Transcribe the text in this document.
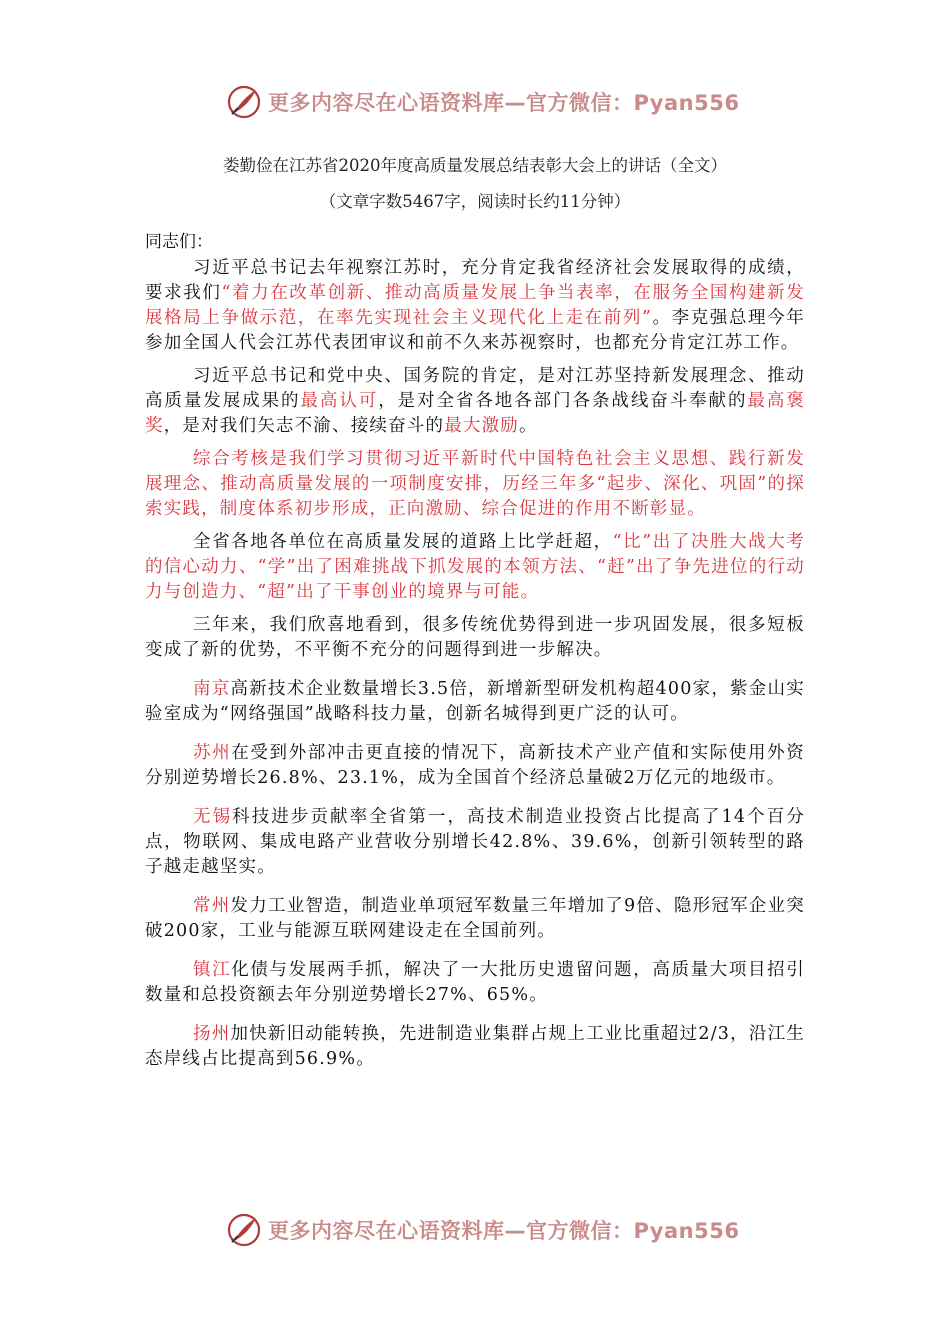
更多内容尽在心语资料库—官方微信：Pyan556
娄勤俭在江苏省2020年度高质量发展总结表彰大会上的讲话（全文）
（文章字数5467字，阅读时长约11分钟）
同志们：

习近平总书记去年视察江苏时，充分肯定我省经济社会发展取得的成绩，要求我们“着力在改革创新、推动高质量发展上争当表率，在服务全国构建新发展格局上争做示范，在率先实现社会主义现代化上走在前列”。李克强总理今年参加全国人代会江苏代表团审议和前不久来苏视察时，也都充分肯定江苏工作。

习近平总书记和党中央、国务院的肯定，是对江苏坚持新发展理念、推动高质量发展成果的最高认可，是对全省各地各部门各条战线奋斗奉献的最高褒奖，是对我们矢志不渝、接续奋斗的最大激励。

综合考核是我们学习贯彻习近平新时代中国特色社会主义思想、践行新发展理念、推动高质量发展的一项制度安排，历经三年多“起步、深化、巩固”的探索实践，制度体系初步形成，正向激励、综合促进的作用不断彰显。

全省各地各单位在高质量发展的道路上比学赶超，“比”出了决胜大战大考的信心动力、“学”出了困难挑战下抓发展的本领方法、“赶”出了争先进位的行动力与创造力、“超”出了干事创业的境界与可能。

三年来，我们欣喜地看到，很多传统优势得到进一步巩固发展，很多短板变成了新的优势，不平衡不充分的问题得到进一步解决。

南京高新技术企业数量增长3.5倍，新增新型研发机构超400家，紫金山实验室成为“网络强国”战略科技力量，创新名城得到更广泛的认可。

苏州在受到外部冲击更直接的情况下，高新技术产业产值和实际使用外资分别逆势增长26.8%、23.1%，成为全国首个经济总量破2万亿元的地级市。

无锡科技进步贡献率全省第一，高技术制造业投资占比提高了14个百分点，物联网、集成电路产业营收分别增长42.8%、39.6%，创新引领转型的路子越走越坚实。

常州发力工业智造，制造业单项冠军数量三年增加了9倍、隐形冠军企业突破200家，工业与能源互联网建设走在全国前列。

镇江化债与发展两手抓，解决了一大批历史遗留问题，高质量大项目招引数量和总投资额去年分别逆势增长27%、65%。

扬州加快新旧动能转换，先进制造业集群占规上工业比重超过2/3，沿江生态岸线占比提高到56.9%。

更多内容尽在心语资料库—官方微信：Pyan556
